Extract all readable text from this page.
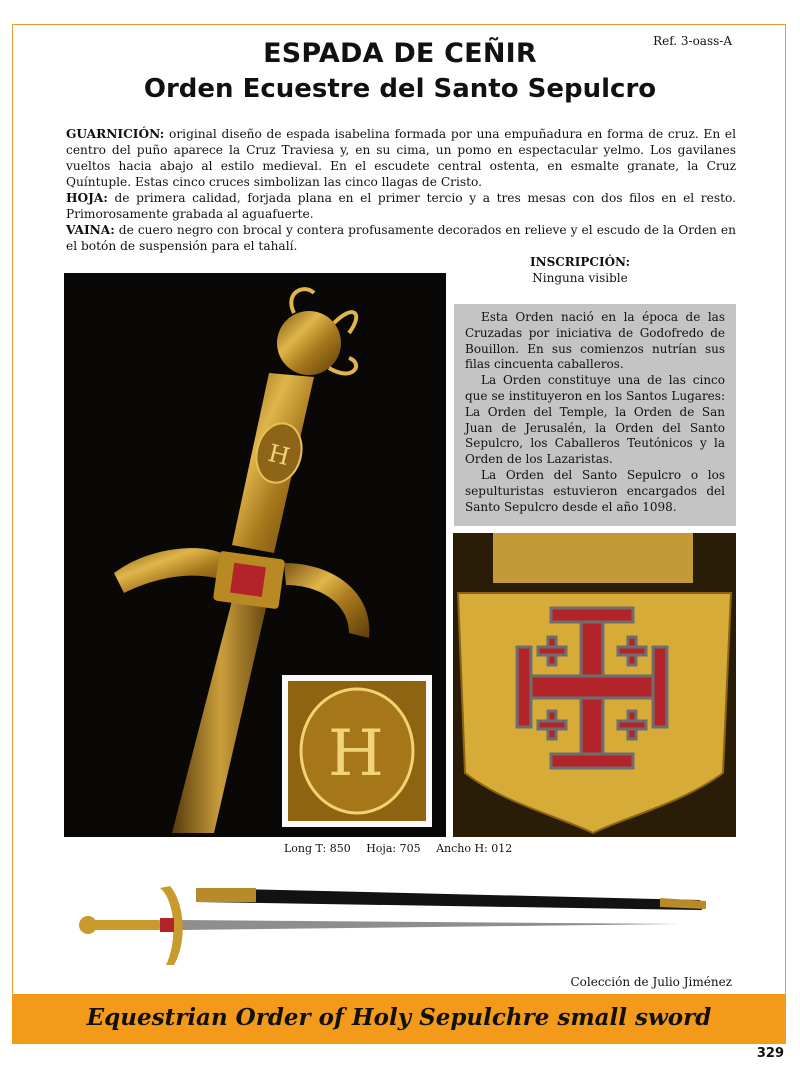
Ref. 3-oass-A
ESPADA DE CEÑIR
Orden Ecuestre del Santo Sepulcro

GUARNICIÓN: original diseño de espada isabelina formada por una empuñadura en forma de cruz. En el centro del puño aparece la Cruz Traviesa y, en su cima, un pomo en espectacular yelmo. Los gavilanes vueltos hacia abajo al estilo medieval. En el escudete central ostenta, en esmalte granate, la Cruz Quíntuple. Estas cinco cruces simbolizan las cinco llagas de Cristo.

HOJA: de primera calidad, forjada plana en el primer tercio y a tres mesas con dos filos en el resto. Primorosamente grabada al aguafuerte.

VAINA: de cuero negro con brocal y contera profusamente decorados en relieve y el escudo de la Orden en el botón de suspensión para el tahalí.

INSCRIPCIÓN:
Ninguna visible
H
H

Esta Orden nació en la época de las Cruzadas por iniciativa de Godofredo de Bouillon. En sus comienzos nutrían sus filas cincuenta caballeros.

La Orden constituye una de las cinco que se instituyeron en los Santos Lugares: La Orden del Temple, la Orden de San Juan de Jerusalén, la Orden del Santo Sepulcro, los Caballeros Teutónicos y la Orden de los Lazaristas.

La Orden del Santo Sepulcro o los sepulturistas estuvieron encargados del Santo Sepulcro desde el año 1098.

Long T: 850 Hoja: 705 Ancho H: 012
Colección de Julio Jiménez
Equestrian Order of Holy Sepulchre small sword
329
